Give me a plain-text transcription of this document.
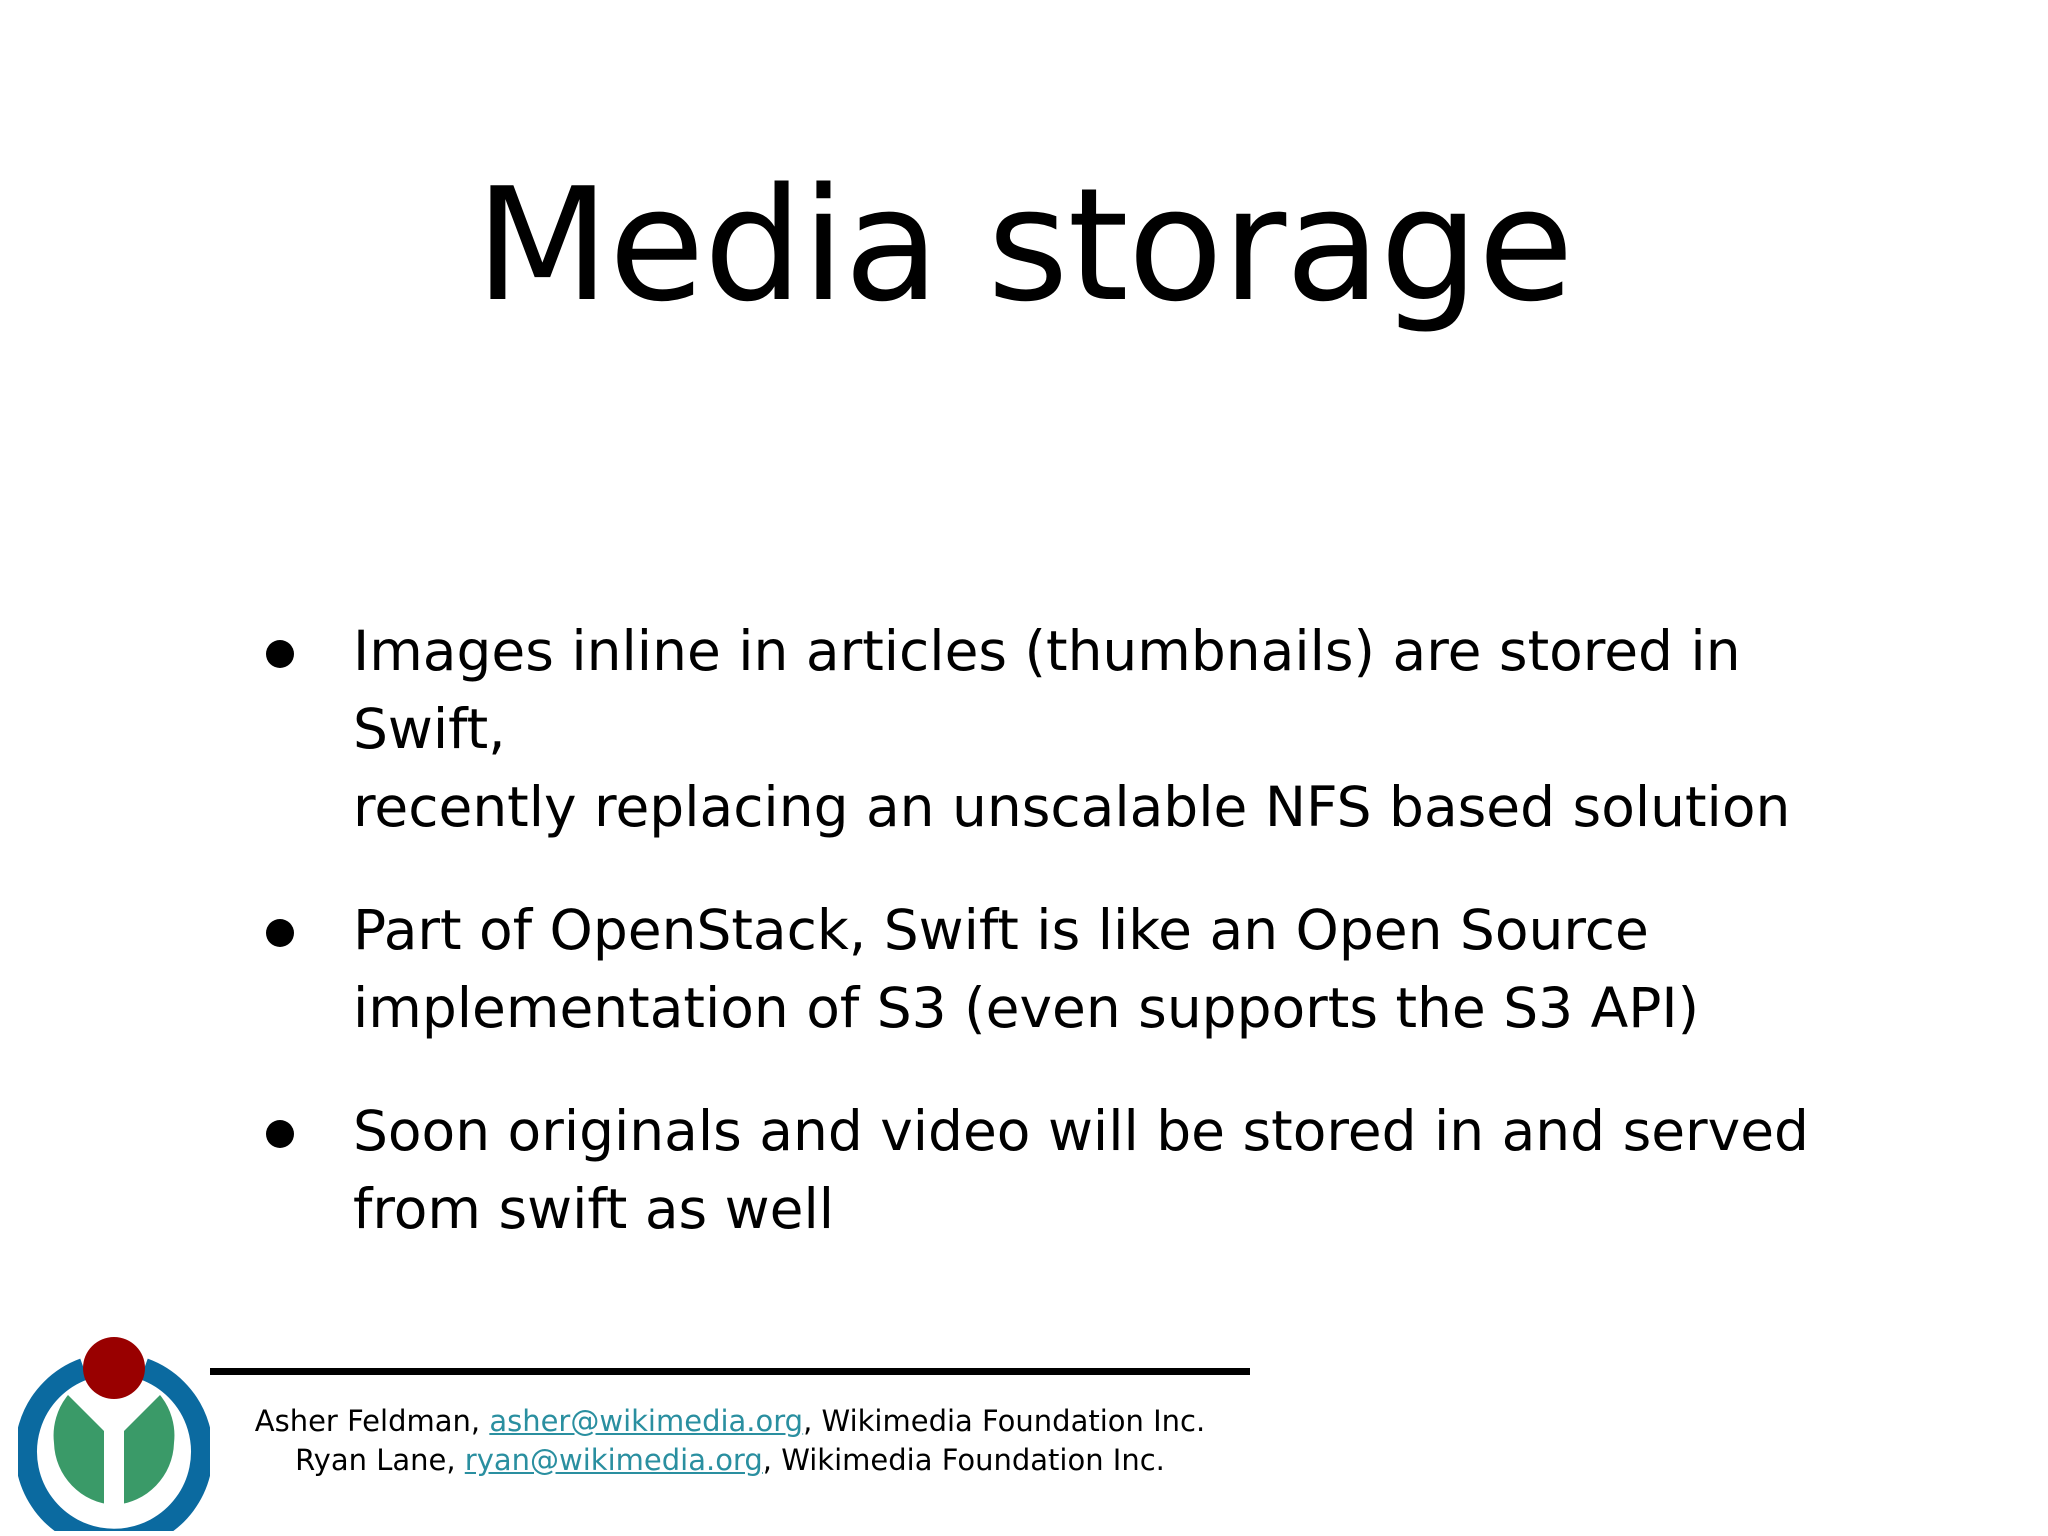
Media storage
Images inline in articles (thumbnails) are stored in Swift,
recently replacing an unscalable NFS based solution
Part of OpenStack, Swift is like an Open Source
implementation of S3 (even supports the S3 API)
Soon originals and video will be stored in and served
from swift as well
Asher Feldman, asher@wikimedia.org, Wikimedia Foundation Inc.
Ryan Lane, ryan@wikimedia.org, Wikimedia Foundation Inc.
